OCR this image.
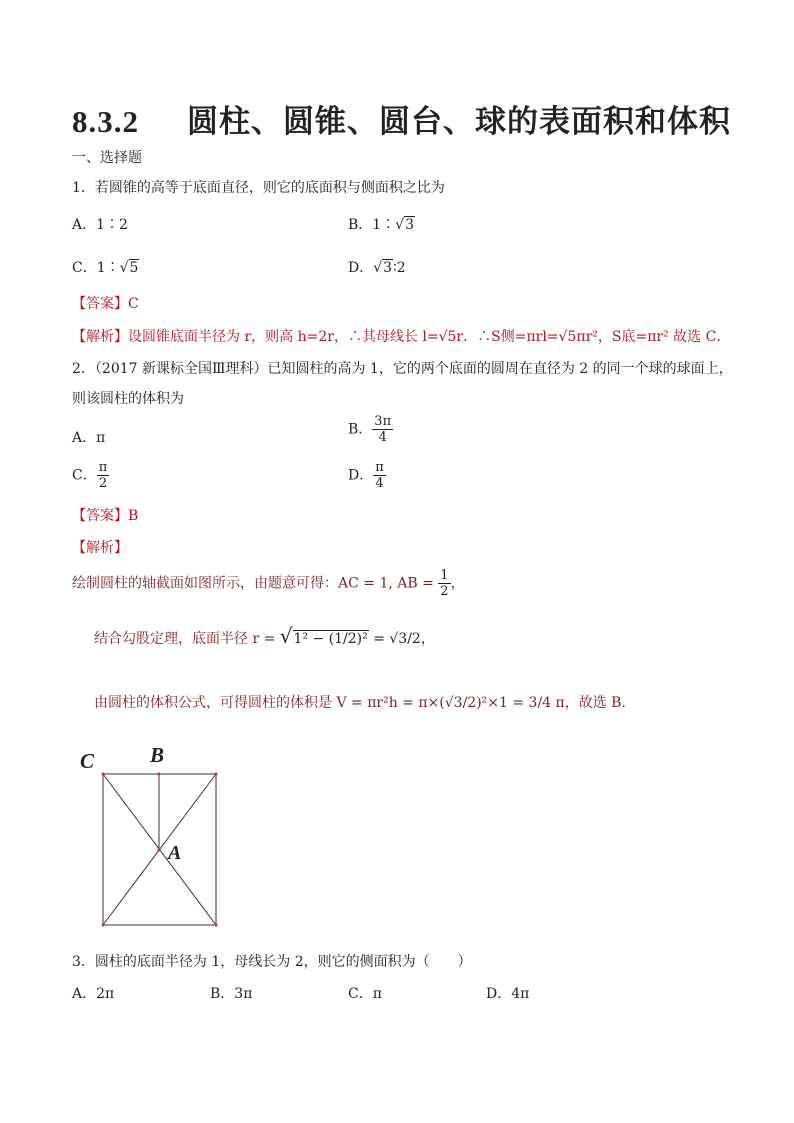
8.3.2 圆柱、圆锥、圆台、球的表面积和体积
一、选择题
1．若圆锥的高等于底面直径，则它的底面积与侧面积之比为
A．1∶2	B．1∶√3
C．1∶√5	D．√3∶2
【答案】C
【解析】设圆锥底面半径为 r，则高 h=2r，∴其母线长 l=√5r．∴S侧=πrl=√5πr²，S底=πr² 故选 C．
2．（2017 新课标全国Ⅲ理科）已知圆柱的高为 1，它的两个底面的圆周在直径为 2 的同一个球的球面上，
则该圆柱的体积为
A．π
B． $\frac{3\pi}{4}$
C． $\frac{\pi}{2}$	D． $\frac{\pi}{4}$
【答案】B
【解析】
绘制圆柱的轴截面如图所示，由题意可得：AC = 1, AB = $\frac{1}{2}$ ，
结合勾股定理，底面半径 r = √1² − (1/2)² = √3/2，
由圆柱的体积公式，可得圆柱的体积是 V = πr²h = π×(√3/2)²×1 = 3/4 π，故选 B.
C	B
A
3．圆柱的底面半径为 1，母线长为 2，则它的侧面积为（　　）
A．2π	B．3π	C．π	D．4π
